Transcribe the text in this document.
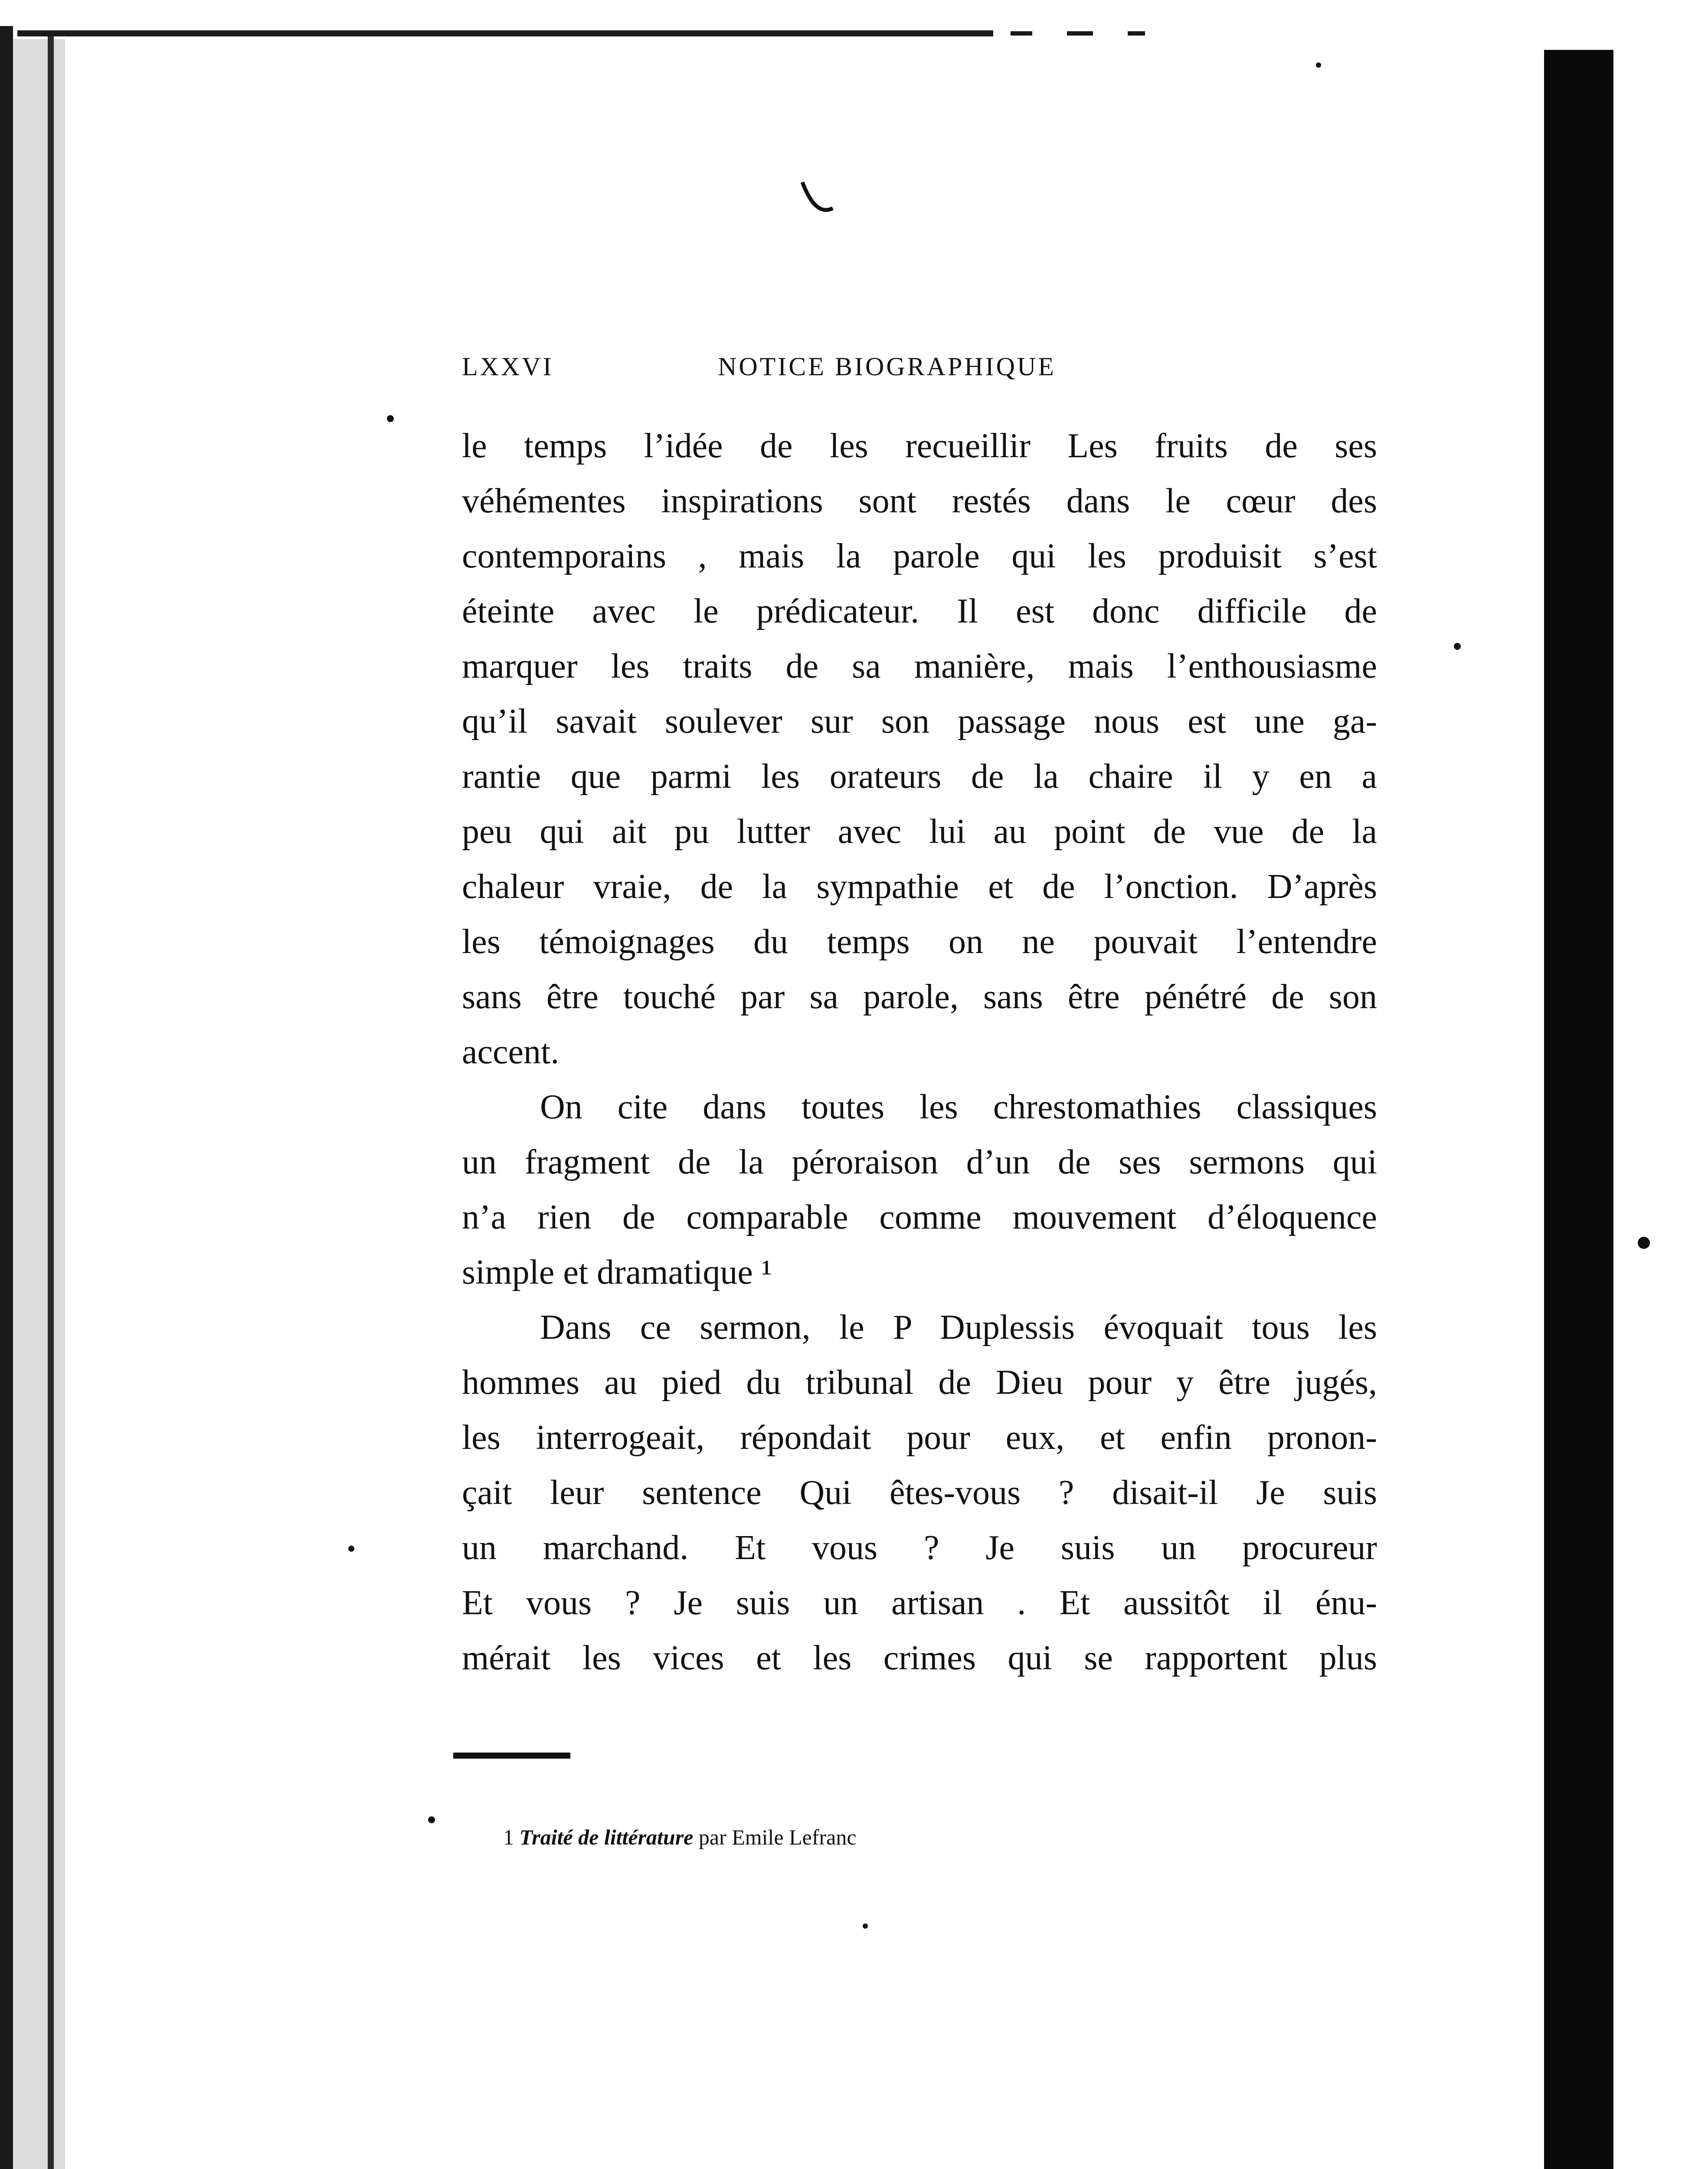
LXXVI	NOTICE BIOGRAPHIQUE
le temps l’idée de les recueillir Les fruits de ses
véhémentes inspirations sont restés dans le cœur des
contemporains , mais la parole qui les produisit s’est
éteinte avec le prédicateur. Il est donc difficile de
marquer les traits de sa manière, mais l’enthousiasme
qu’il savait soulever sur son passage nous est une ga-
rantie que parmi les orateurs de la chaire il y en a
peu qui ait pu lutter avec lui au point de vue de la
chaleur vraie, de la sympathie et de l’onction. D’après
les témoignages du temps on ne pouvait l’entendre
sans être touché par sa parole, sans être pénétré de son
accent.
On cite dans toutes les chrestomathies classiques
un fragment de la péroraison d’un de ses sermons qui
n’a rien de comparable comme mouvement d’éloquence
simple et dramatique ¹
Dans ce sermon, le P Duplessis évoquait tous les
hommes au pied du tribunal de Dieu pour y être jugés,
les interrogeait, répondait pour eux, et enfin pronon-
çait leur sentence Qui êtes-vous ? disait-il Je suis
un marchand. Et vous ? Je suis un procureur
Et vous ? Je suis un artisan . Et aussitôt il énu-
mérait les vices et les crimes qui se rapportent plus
1 Traité de littérature par Emile Lefranc
